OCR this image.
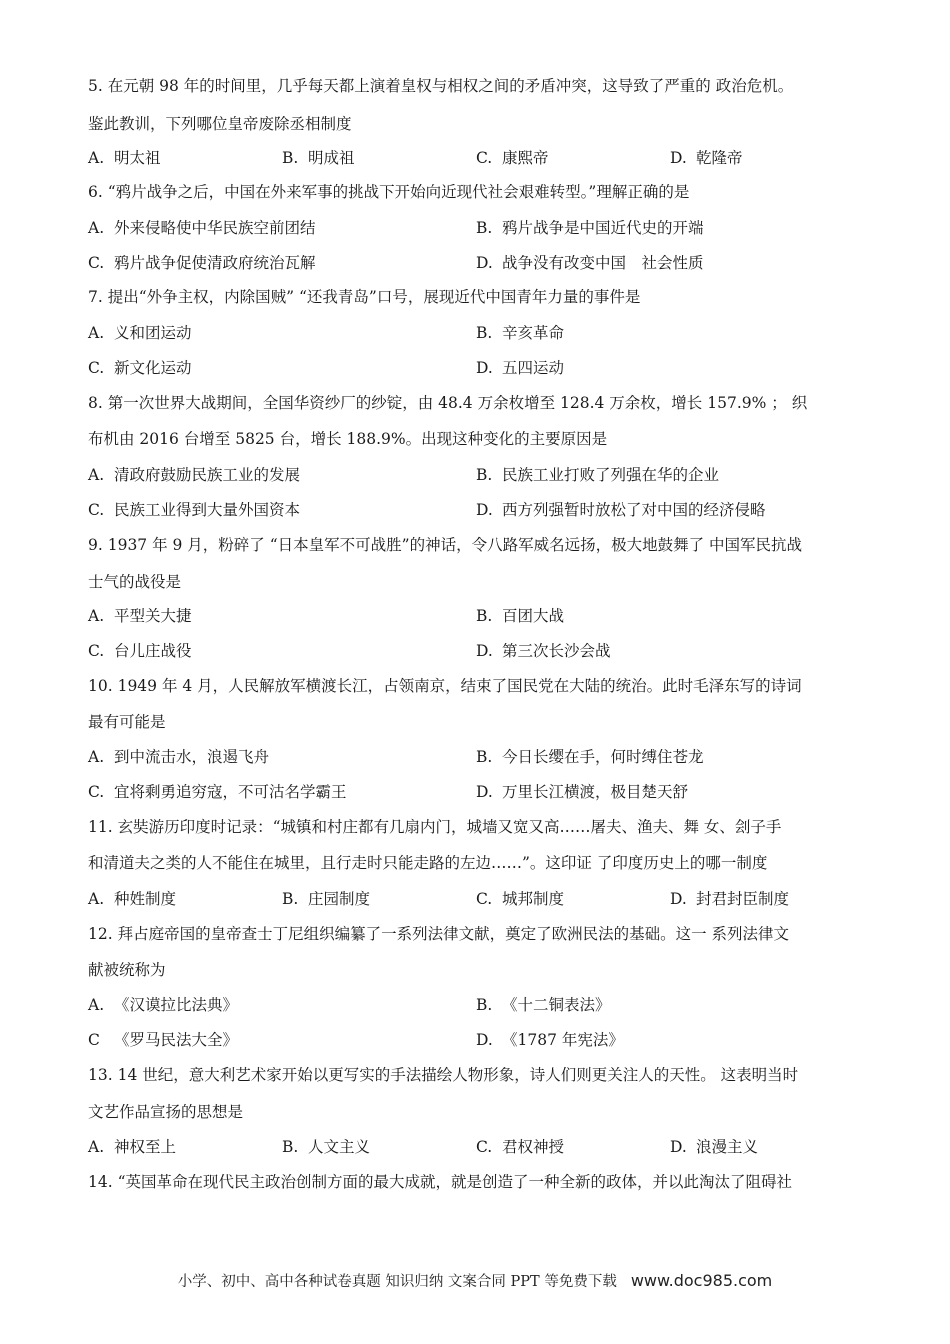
5. 在元朝 98 年的时间里，几乎每天都上演着皇权与相权之间的矛盾冲突，这导致了严重的 政治危机。
鉴此教训，下列哪位皇帝废除丞相制度
A. 明太祖	B. 明成祖	C. 康熙帝	D. 乾隆帝
6. “鸦片战争之后，中国在外来军事的挑战下开始向近现代社会艰难转型。”理解正确的是
A. 外来侵略使中华民族空前团结	B. 鸦片战争是中国近代史的开端
C. 鸦片战争促使清政府统治瓦解	D. 战争没有改变中国　社会性质
7. 提出“外争主权，内除国贼” “还我青岛”口号，展现近代中国青年力量的事件是
A. 义和团运动	B. 辛亥革命
C. 新文化运动	D. 五四运动
8. 第一次世界大战期间，全国华资纱厂的纱锭，由 48.4 万余枚增至 128.4 万余枚，增长 157.9% ； 织
布机由 2016 台增至 5825 台，增长 188.9%。出现这种变化的主要原因是
A. 清政府鼓励民族工业的发展	B. 民族工业打败了列强在华的企业
C. 民族工业得到大量外国资本	D. 西方列强暂时放松了对中国的经济侵略
9. 1937 年 9 月，粉碎了 “日本皇军不可战胜”的神话，令八路军威名远扬，极大地鼓舞了 中国军民抗战
士气的战役是
A. 平型关大捷	B. 百团大战
C. 台儿庄战役	D. 第三次长沙会战
10. 1949 年 4 月，人民解放军横渡长江，占领南京，结束了国民党在大陆的统治。此时毛泽东写的诗词
最有可能是
A. 到中流击水，浪遏飞舟	B. 今日长缨在手，何时缚住苍龙
C. 宜将剩勇追穷寇，不可沽名学霸王	D. 万里长江横渡，极目楚天舒
11. 玄奘游历印度时记录：“城镇和村庄都有几扇内门，城墙又宽又高……屠夫、渔夫、舞 女、刽子手
和清道夫之类的人不能住在城里，且行走时只能走路的左边……”。这印证 了印度历史上的哪一制度
A. 种姓制度	B. 庄园制度	C. 城邦制度	D. 封君封臣制度
12. 拜占庭帝国的皇帝查士丁尼组织编纂了一系列法律文献，奠定了欧洲民法的基础。这一 系列法律文
献被统称为
A. 《汉谟拉比法典》	B. 《十二铜表法》
C 《罗马民法大全》	D. 《1787 年宪法》
13. 14 世纪，意大利艺术家开始以更写实的手法描绘人物形象，诗人们则更关注人的天性。 这表明当时
文艺作品宣扬的思想是
A. 神权至上	B. 人文主义	C. 君权神授	D. 浪漫主义
14. “英国革命在现代民主政治创制方面的最大成就，就是创造了一种全新的政体，并以此淘汰了阻碍社
小学、初中、高中各种试卷真题 知识归纳 文案合同 PPT 等免费下载 www.doc985.com
